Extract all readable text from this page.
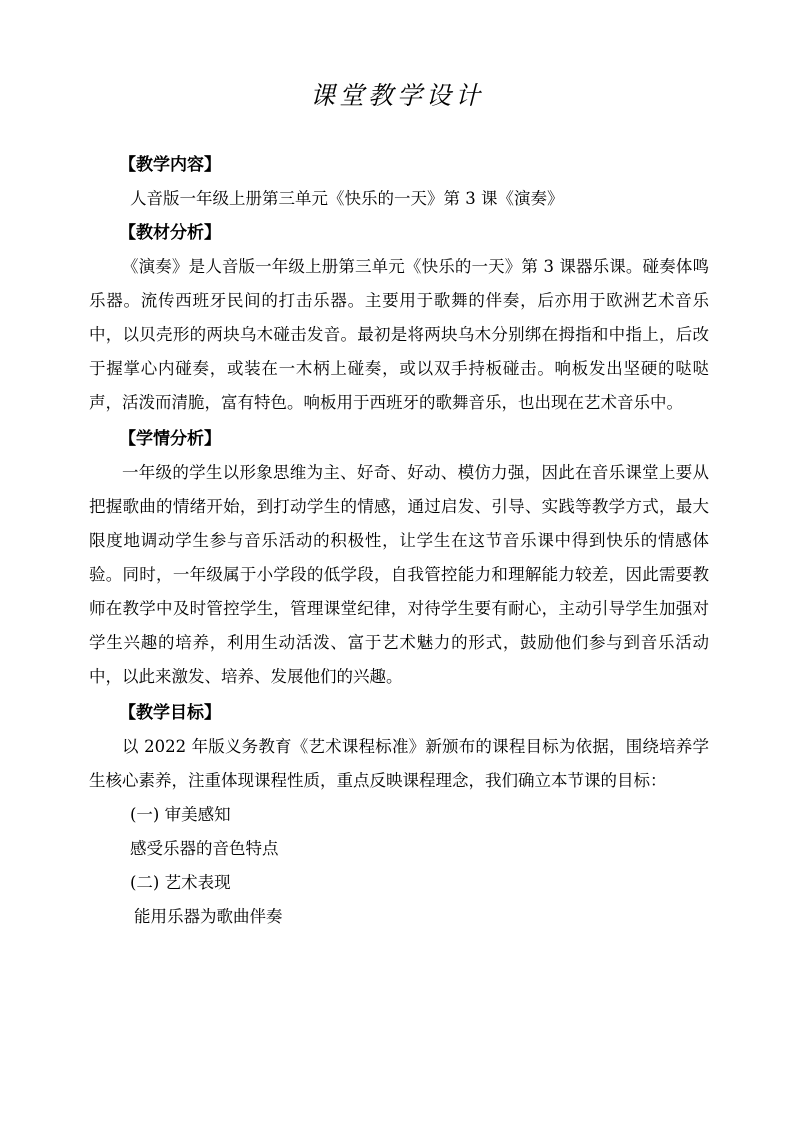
课堂教学设计
【教学内容】
人音版一年级上册第三单元《快乐的一天》第 3 课《演奏》
【教材分析】

《演奏》是人音版一年级上册第三单元《快乐的一天》第 3 课器乐课。碰奏体鸣乐器。流传西班牙民间的打击乐器。主要用于歌舞的伴奏，后亦用于欧洲艺术音乐中，以贝壳形的两块乌木碰击发音。最初是将两块乌木分别绑在拇指和中指上，后改于握掌心内碰奏，或装在一木柄上碰奏，或以双手持板碰击。响板发出坚硬的哒哒声，活泼而清脆，富有特色。响板用于西班牙的歌舞音乐，也出现在艺术音乐中。

【学情分析】

一年级的学生以形象思维为主、好奇、好动、模仿力强，因此在音乐课堂上要从把握歌曲的情绪开始，到打动学生的情感，通过启发、引导、实践等教学方式，最大限度地调动学生参与音乐活动的积极性，让学生在这节音乐课中得到快乐的情感体验。同时，一年级属于小学段的低学段，自我管控能力和理解能力较差，因此需要教师在教学中及时管控学生，管理课堂纪律，对待学生要有耐心，主动引导学生加强对学生兴趣的培养，利用生动活泼、富于艺术魅力的形式，鼓励他们参与到音乐活动中，以此来激发、培养、发展他们的兴趣。

【教学目标】

以 2022 年版义务教育《艺术课程标准》新颁布的课程目标为依据，围绕培养学生核心素养，注重体现课程性质，重点反映课程理念，我们确立本节课的目标：

(一) 审美感知
感受乐器的音色特点
(二) 艺术表现
能用乐器为歌曲伴奏
